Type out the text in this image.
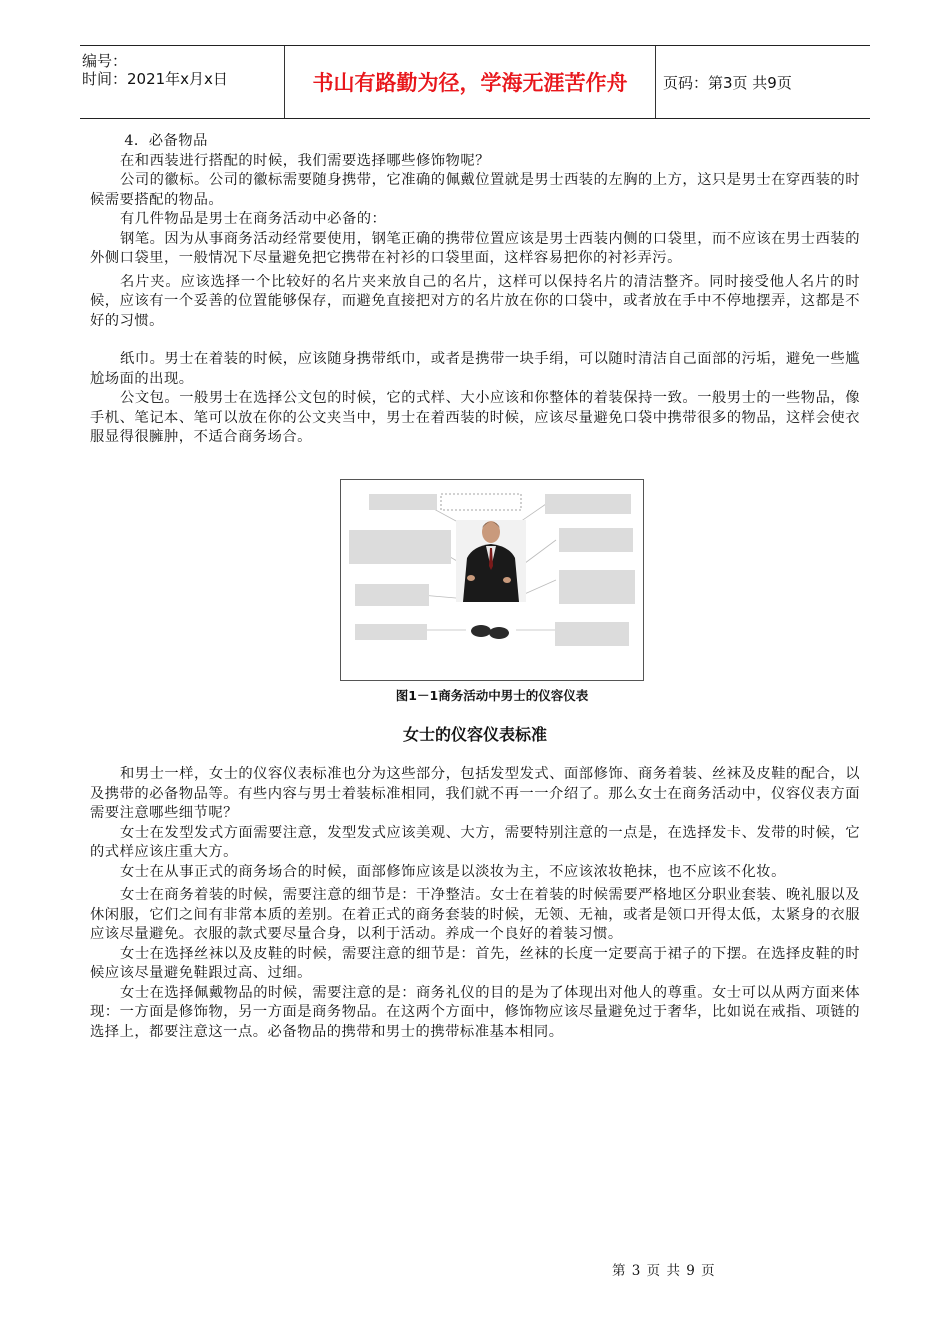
编号：
时间：2021年x月x日	书山有路勤为径，学海无涯苦作舟	页码：第3页 共9页

4．必备物品

在和西装进行搭配的时候，我们需要选择哪些修饰物呢？

公司的徽标。公司的徽标需要随身携带，它准确的佩戴位置就是男士西装的左胸的上方，这只是男士在穿西装的时候需要搭配的物品。

有几件物品是男士在商务活动中必备的：

钢笔。因为从事商务活动经常要使用，钢笔正确的携带位置应该是男士西装内侧的口袋里，而不应该在男士西装的外侧口袋里，一般情况下尽量避免把它携带在衬衫的口袋里面，这样容易把你的衬衫弄污。

名片夹。应该选择一个比较好的名片夹来放自己的名片，这样可以保持名片的清洁整齐。同时接受他人名片的时候，应该有一个妥善的位置能够保存，而避免直接把对方的名片放在你的口袋中，或者放在手中不停地摆弄，这都是不好的习惯。

纸巾。男士在着装的时候，应该随身携带纸巾，或者是携带一块手绢，可以随时清洁自己面部的污垢，避免一些尴尬场面的出现。

公文包。一般男士在选择公文包的时候，它的式样、大小应该和你整体的着装保持一致。一般男士的一些物品，像手机、笔记本、笔可以放在你的公文夹当中，男士在着西装的时候，应该尽量避免口袋中携带很多的物品，这样会使衣服显得很臃肿，不适合商务场合。

图1－1商务活动中男士的仪容仪表
女士的仪容仪表标准

和男士一样，女士的仪容仪表标准也分为这些部分，包括发型发式、面部修饰、商务着装、丝袜及皮鞋的配合，以及携带的必备物品等。有些内容与男士着装标准相同，我们就不再一一介绍了。那么女士在商务活动中，仪容仪表方面需要注意哪些细节呢？

女士在发型发式方面需要注意，发型发式应该美观、大方，需要特别注意的一点是，在选择发卡、发带的时候，它的式样应该庄重大方。

女士在从事正式的商务场合的时候，面部修饰应该是以淡妆为主，不应该浓妆艳抹，也不应该不化妆。

女士在商务着装的时候，需要注意的细节是：干净整洁。女士在着装的时候需要严格地区分职业套装、晚礼服以及休闲服，它们之间有非常本质的差别。在着正式的商务套装的时候，无领、无袖，或者是领口开得太低，太紧身的衣服应该尽量避免。衣服的款式要尽量合身，以利于活动。养成一个良好的着装习惯。

女士在选择丝袜以及皮鞋的时候，需要注意的细节是：首先，丝袜的长度一定要高于裙子的下摆。在选择皮鞋的时候应该尽量避免鞋跟过高、过细。

女士在选择佩戴物品的时候，需要注意的是：商务礼仪的目的是为了体现出对他人的尊重。女士可以从两方面来体现：一方面是修饰物，另一方面是商务物品。在这两个方面中，修饰物应该尽量避免过于奢华，比如说在戒指、项链的选择上，都要注意这一点。必备物品的携带和男士的携带标准基本相同。

第 3 页 共 9 页
